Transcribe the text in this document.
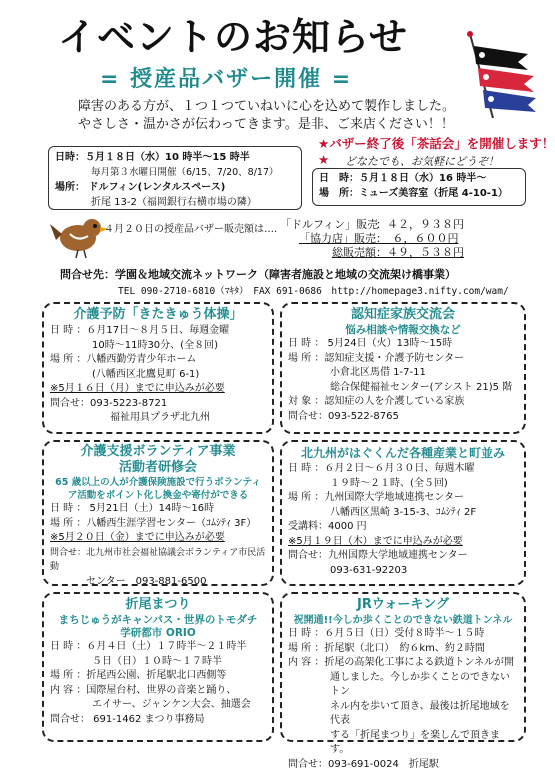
イベントのお知らせ
= 授産品バザー開催 =
障害のある方が、１つ１つていねいに心を込めて製作しました。
やさしさ・温かさが伝わってきます。是非、ご来店ください！！
日時：５月１８日（水）10 時半〜15 時半
毎月第３水曜日開催（6/15、7/20、8/17）
場所： ドルフィン(レンタルスペース)
折尾 13-2（福岡銀行右横市場の隣）
★バザー終了後「茶話会」を開催します！★	どなたでも、お気軽にどうぞ！
日　時：５月１８日（水）16 時半〜
場　所：ミューズ美容室（折尾 4-10-1）
４月２０日の授産品バザー販売額は‥‥ 「ドルフィン」販売：４２，９３８円
「協力店」販売：　６，６００円
総販売額：４９，５３８円
問合せ先：学園＆地域交流ネットワーク（障害者施設と地域の交流架け橋事業）
TEL 090-2710-6810（ﾏｷﾀ）　FAX 691-0686　http://homepage3.nifty.com/wam/
介護予防「きたきゅう体操」
日 時 ：６月17日〜８月５日、毎週金曜
10時〜11時30分、(全８回)
場 所 ：八幡西勤労青少年ホーム
(八幡西区北鷹見町 6-1)
※5月１６日（月）までに申込みが必要
問合せ：093-5223-8721
福祉用具プラザ北九州
認知症家族交流会
悩み相談や情報交換など
日 時 ： 5月24日（火）13時〜15時
場 所 ：認知症支援・介護予防センター
小倉北区馬借 1-7-11
総合保健福祉センター(アシスト 21)5 階
対 象 ：認知症の人を介護している家族
問合せ：093-522-8765
介護支援ボランティア事業
活動者研修会
65 歳以上の人が介護保険施設で行うボランティ
ア活動をポイント化し換金や寄付ができる
日 時 ： 5月21日（土）14時〜16時
場 所 ：八幡西生涯学習センター（ｺﾑｼﾃｨ 3F）
※5月２０日（金）までに申込みが必要
問合せ：北九州市社会福祉協議会ボランティア市民活動
センター　093-881-6500
北九州がはぐくんだ各種産業と町並み
日 時 ：６月２日〜６月３０日、毎週木曜
１９時〜２１時、(全５回)
場 所 ：九州国際大学地域連携センター
八幡西区黒崎 3-15-3、ｺﾑｼﾃｨ 2F
受講料：4000 円
※5月１９日（木）までに申込みが必要
問合せ：九州国際大学地域連携センター
093-631-92203
折尾まつり
まちじゅうがキャンパス・世界のトモダチ
学研都市 ORIO
日 時 ：６月４日（土）１７時半〜２１時半
５日（日）１０時〜１７時半
場 所 ：折尾西公園、折尾駅北口西側等
内 容 ：国際屋台村、世界の音楽と踊り、
エイサー、ジャンケン大会、抽選会
問合せ： 691-1462 まつり事務局
JRウォーキング
祝開通!!今しか歩くことのできない鉄道トンネル
日 時 ：６月５日（日）受付８時半〜１５時
場 所 ：折尾駅（北口）　約６km、約２時間
内 容 ：折尾の高架化工事による鉄道トンネルが開
通しました。今しか歩くことのできないトン
ネル内を歩いて頂き、最後は折尾地域を代表
する「折尾まつり」を楽しんで頂きます。
問合せ：093-691-0024　折尾駅
